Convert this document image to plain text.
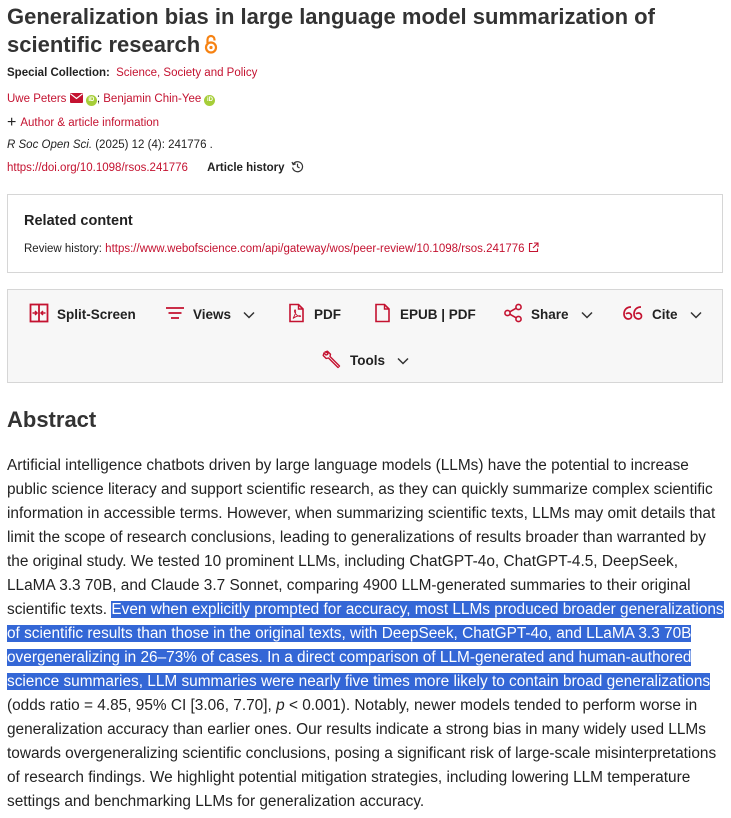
Generalization bias in large language model summarization of scientific research
Special Collection: Science, Society and Policy
Uwe Peters	iD ; Benjamin Chin-Yee iD
+ Author & article information
R Soc Open Sci. (2025) 12 (4): 241776 .
https://doi.org/10.1098/rsos.241776 Article history
Related content
Review history: https://www.webofscience.com/api/gateway/wos/peer-review/10.1098/rsos.241776
Split-Screen	Views	PDF	EPUB | PDF	Share	Cite
Tools
Abstract

Artificial intelligence chatbots driven by large language models (LLMs) have the potential to increase public science literacy and support scientific research, as they can quickly summarize complex scientific information in accessible terms. However, when summarizing scientific texts, LLMs may omit details that limit the scope of research conclusions, leading to generalizations of results broader than warranted by the original study. We tested 10 prominent LLMs, including ChatGPT-4o, ChatGPT-4.5, DeepSeek, LLaMA 3.3 70B, and Claude 3.7 Sonnet, comparing 4900 LLM-generated summaries to their original scientific texts. Even when explicitly prompted for accuracy, most LLMs produced broader generalizations of scientific results than those in the original texts, with DeepSeek, ChatGPT-4o, and LLaMA 3.3 70B overgeneralizing in 26–73% of cases. In a direct comparison of LLM-generated and human-authored science summaries, LLM summaries were nearly five times more likely to contain broad generalizations (odds ratio = 4.85, 95% CI [3.06, 7.70], p < 0.001). Notably, newer models tended to perform worse in generalization accuracy than earlier ones. Our results indicate a strong bias in many widely used LLMs towards overgeneralizing scientific conclusions, posing a significant risk of large-scale misinterpretations of research findings. We highlight potential mitigation strategies, including lowering LLM temperature settings and benchmarking LLMs for generalization accuracy.
